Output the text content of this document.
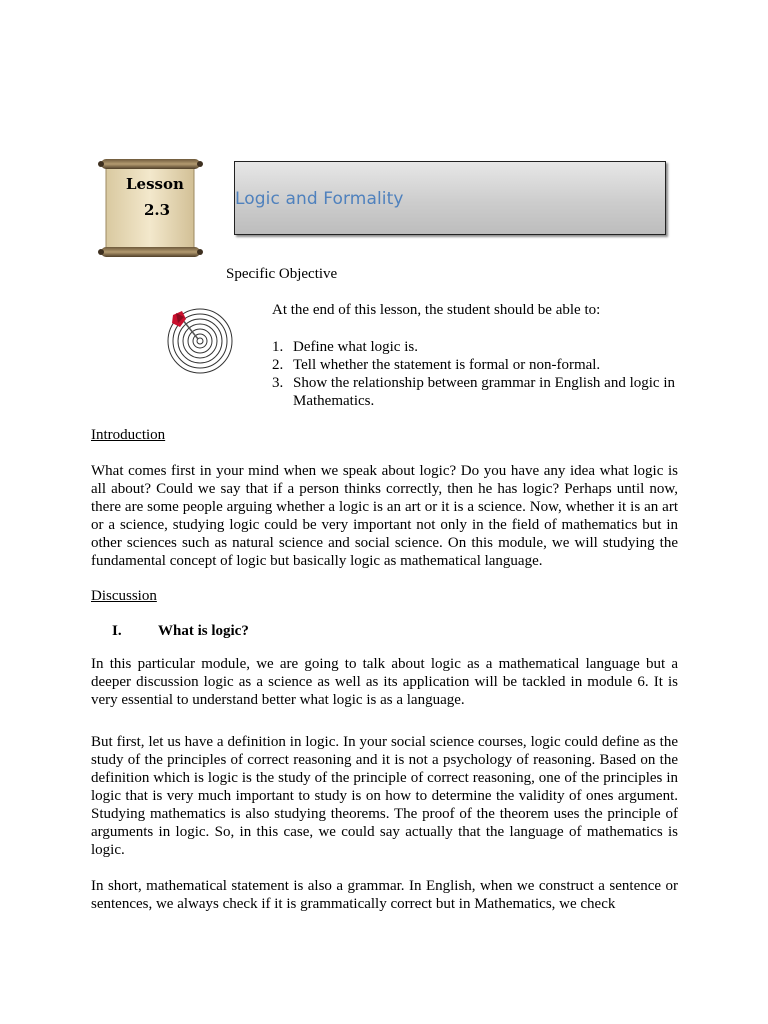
Lesson
2.3
Logic and Formality
Specific Objective
At the end of this lesson, the student should be able to:
1. Define what logic is.
2. Tell whether the statement is formal or non-formal.
3. Show the relationship between grammar in English and logic in Mathematics.
Introduction

What comes first in your mind when we speak about logic? Do you have any idea what logic is all about? Could we say that if a person thinks correctly, then he has logic? Perhaps until now, there are some people arguing whether a logic is an art or it is a science. Now, whether it is an art or a science, studying logic could be very important not only in the field of mathematics but in other sciences such as natural science and social science. On this module, we will studying the fundamental concept of logic but basically logic as mathematical language.

Discussion
I. What is logic?

In this particular module, we are going to talk about logic as a mathematical language but a deeper discussion logic as a science as well as its application will be tackled in module 6. It is very essential to understand better what logic is as a language.

But first, let us have a definition in logic. In your social science courses, logic could define as the study of the principles of correct reasoning and it is not a psychology of reasoning. Based on the definition which is logic is the study of the principle of correct reasoning, one of the principles in logic that is very much important to study is on how to determine the validity of ones argument. Studying mathematics is also studying theorems. The proof of the theorem uses the principle of arguments in logic. So, in this case, we could say actually that the language of mathematics is logic.

In short, mathematical statement is also a grammar. In English, when we construct a sentence or sentences, we always check if it is grammatically correct but in Mathematics, we check
